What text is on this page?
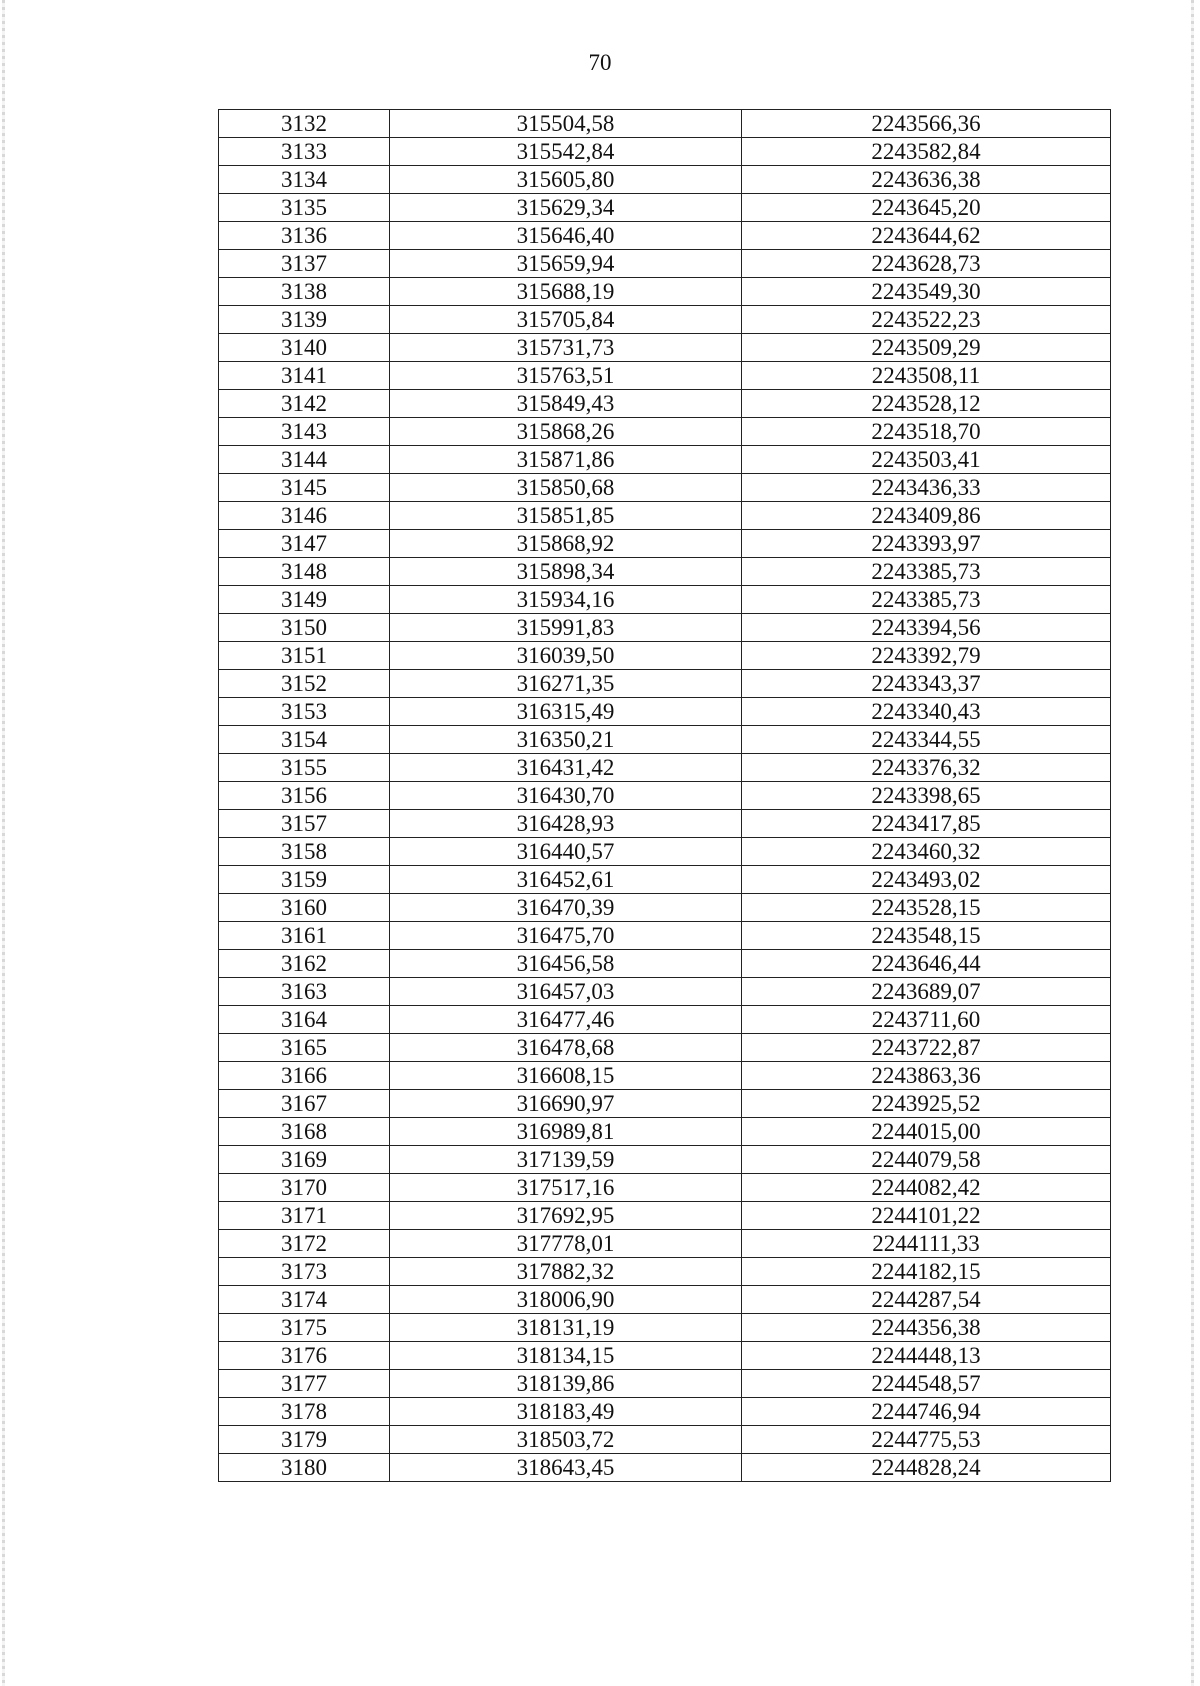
70
3132	315504,58	2243566,36
3133	315542,84	2243582,84
3134	315605,80	2243636,38
3135	315629,34	2243645,20
3136	315646,40	2243644,62
3137	315659,94	2243628,73
3138	315688,19	2243549,30
3139	315705,84	2243522,23
3140	315731,73	2243509,29
3141	315763,51	2243508,11
3142	315849,43	2243528,12
3143	315868,26	2243518,70
3144	315871,86	2243503,41
3145	315850,68	2243436,33
3146	315851,85	2243409,86
3147	315868,92	2243393,97
3148	315898,34	2243385,73
3149	315934,16	2243385,73
3150	315991,83	2243394,56
3151	316039,50	2243392,79
3152	316271,35	2243343,37
3153	316315,49	2243340,43
3154	316350,21	2243344,55
3155	316431,42	2243376,32
3156	316430,70	2243398,65
3157	316428,93	2243417,85
3158	316440,57	2243460,32
3159	316452,61	2243493,02
3160	316470,39	2243528,15
3161	316475,70	2243548,15
3162	316456,58	2243646,44
3163	316457,03	2243689,07
3164	316477,46	2243711,60
3165	316478,68	2243722,87
3166	316608,15	2243863,36
3167	316690,97	2243925,52
3168	316989,81	2244015,00
3169	317139,59	2244079,58
3170	317517,16	2244082,42
3171	317692,95	2244101,22
3172	317778,01	2244111,33
3173	317882,32	2244182,15
3174	318006,90	2244287,54
3175	318131,19	2244356,38
3176	318134,15	2244448,13
3177	318139,86	2244548,57
3178	318183,49	2244746,94
3179	318503,72	2244775,53
3180	318643,45	2244828,24
